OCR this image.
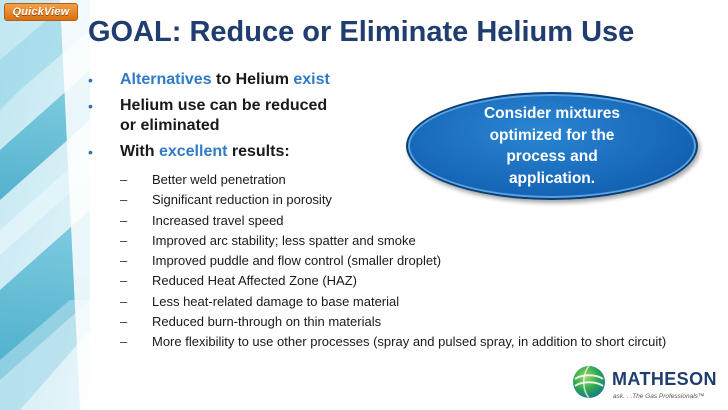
QuickView
GOAL: Reduce or Eliminate Helium Use
• Alternatives to Helium exist
• Helium use can be reduced
or eliminated
• With excellent results:
– Better weld penetration
– Significant reduction in porosity
– Increased travel speed
– Improved arc stability; less spatter and smoke
– Improved puddle and flow control (smaller droplet)
– Reduced Heat Affected Zone (HAZ)
– Less heat-related damage to base material
– Reduced burn-through on thin materials
– More flexibility to use other processes (spray and pulsed spray, in addition to short circuit)
Consider mixtures
optimized for the
process and
application.
MATHESON
ask. . .The Gas Professionals™
